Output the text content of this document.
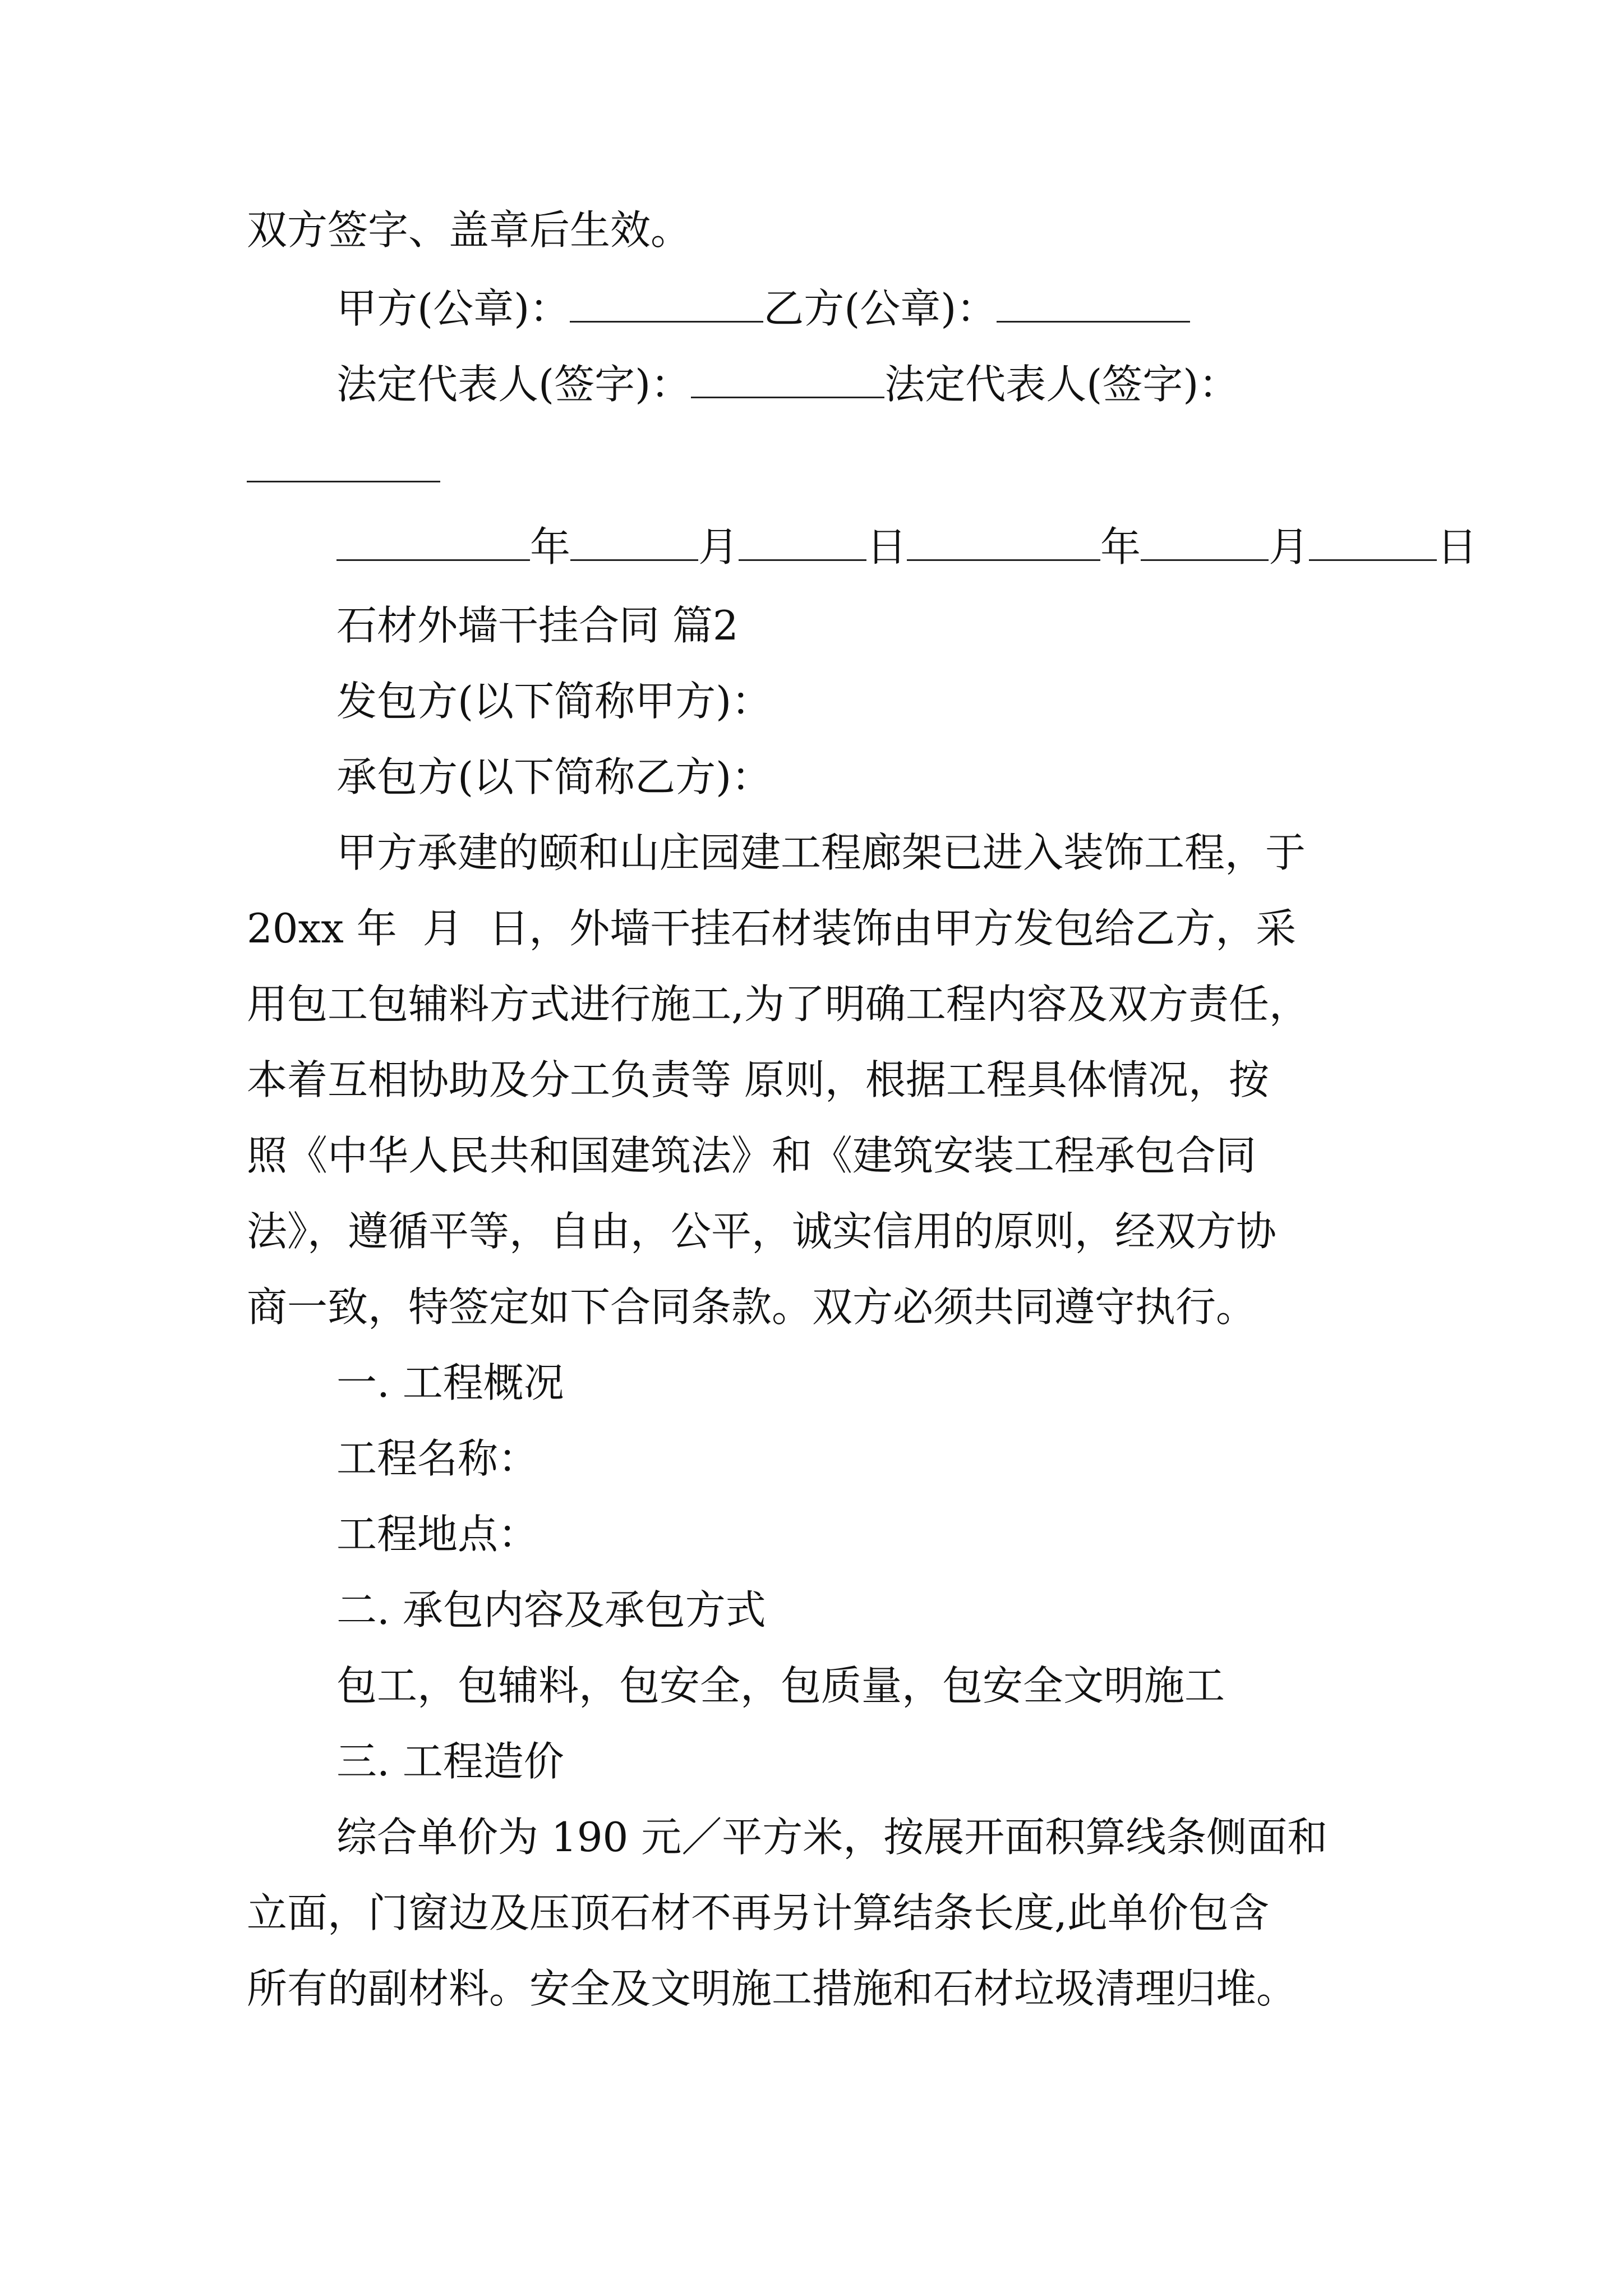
双方签字、盖章后生效。
甲方(公章)：	乙方(公章)：
法定代表人(签字)：	法定代表人(签字)：
年	月	日	年	月	日
石材外墙干挂合同 篇2
发包方(以下简称甲方)：
承包方(以下简称乙方)：
甲方承建的颐和山庄园建工程廊架已进入装饰工程，于
20xx 年  月  日，外墙干挂石材装饰由甲方发包给乙方，采
用包工包辅料方式进行施工,为了明确工程内容及双方责任，
本着互相协助及分工负责等 原则，根据工程具体情况，按
照《中华人民共和国建筑法》和《建筑安装工程承包合同
法》，遵循平等，自由，公平，诚实信用的原则，经双方协
商一致，特签定如下合同条款。双方必须共同遵守执行。
一. 工程概况
工程名称：
工程地点：
二. 承包内容及承包方式
包工，包辅料，包安全，包质量，包安全文明施工
三. 工程造价
综合单价为 190 元／平方米，按展开面积算线条侧面和
立面，门窗边及压顶石材不再另计算结条长度,此单价包含
所有的副材料。安全及文明施工措施和石材垃圾清理归堆。
